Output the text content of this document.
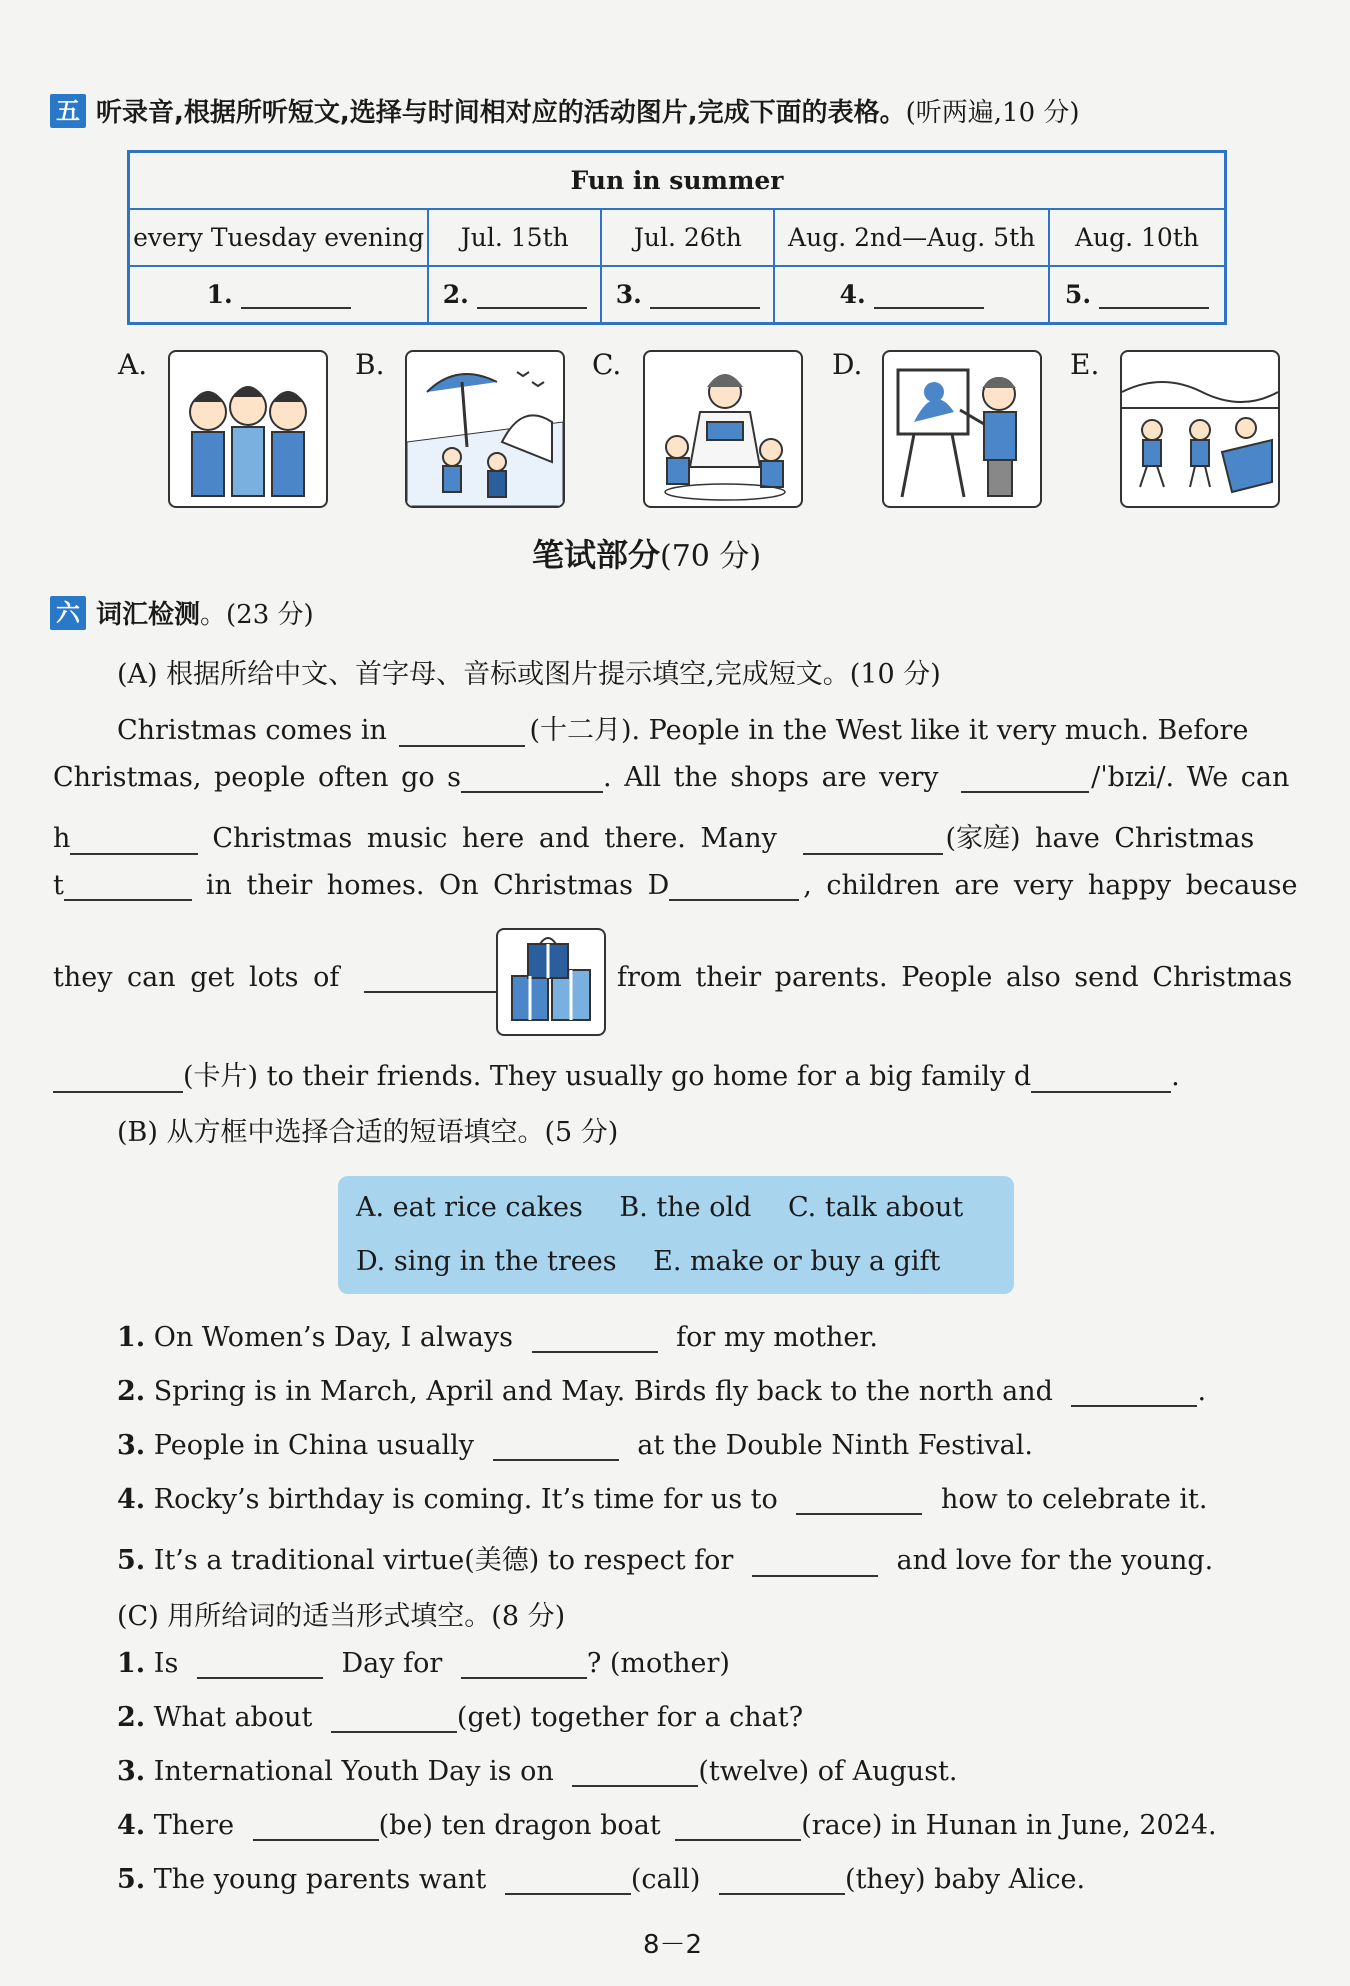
五 听录音,根据所听短文,选择与时间相对应的活动图片,完成下面的表格。 (听两遍,10 分)
Fun in summer				
every Tuesday evening	Jul. 15th	Jul. 26th	Aug. 2nd—Aug. 5th	Aug. 10th
1.	2.	3.	4.	5.
A.	B.	C.	D.	E.
笔试部分(70 分)
六 词汇检测 。(23 分)
(A) 根据所给中文、首字母、音标或图片提示填空,完成短文。(10 分)
Christmas comes in	(十二月). People in the West like it very much. Before
Christmas, people often go s	. All the shops are very	/ˈbɪzi/. We can
h	Christmas music here and there. Many	(家庭) have Christmas
t	in their homes. On Christmas D	, children are very happy because
they can get lots of	from their parents. People also send Christmas
(卡片) to their friends. They usually go home for a big family d	.
(B) 从方框中选择合适的短语填空。(5 分)
A. eat rice cakes B. the old C. talk about
D. sing in the trees E. make or buy a gift
1. On Women’s Day, I always	for my mother.
2. Spring is in March, April and May. Birds fly back to the north and	.
3. People in China usually	at the Double Ninth Festival.
4. Rocky’s birthday is coming. It’s time for us to	how to celebrate it.
5. It’s a traditional virtue(美德) to respect for	and love for the young.
(C) 用所给词的适当形式填空。(8 分)
1. Is	Day for	? (mother)
2. What about	(get) together for a chat?
3. International Youth Day is on	(twelve) of August.
4. There	(be) ten dragon boat	(race) in Hunan in June, 2024.
5. The young parents want	(call)	(they) baby Alice.
8－2
